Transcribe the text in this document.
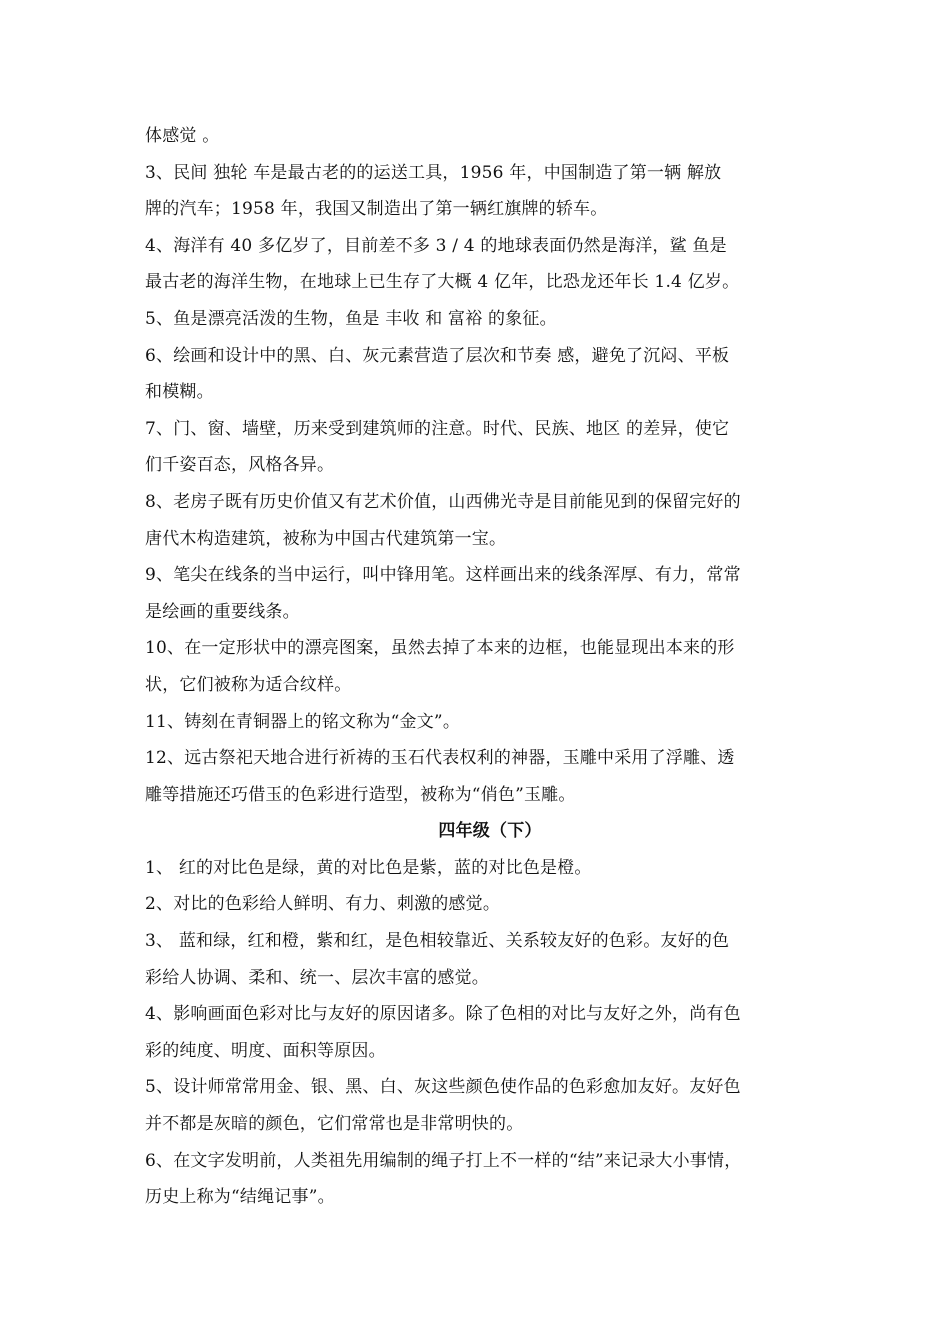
体感觉 。
3、民间 独轮 车是最古老的的运送工具，1956 年，中国制造了第一辆 解放
牌的汽车；1958 年，我国又制造出了第一辆红旗牌的轿车。
4、海洋有 40 多亿岁了，目前差不多 3 / 4 的地球表面仍然是海洋，鲨 鱼是
最古老的海洋生物，在地球上已生存了大概 4 亿年，比恐龙还年长 1.4 亿岁。
5、鱼是漂亮活泼的生物，鱼是 丰收 和 富裕 的象征。
6、绘画和设计中的黑、白、灰元素营造了层次和节奏 感，避免了沉闷、平板
和模糊。
7、门、窗、墙壁，历来受到建筑师的注意。时代、民族、地区 的差异，使它
们千姿百态，风格各异。
8、老房子既有历史价值又有艺术价值，山西佛光寺是目前能见到的保留完好的
唐代木构造建筑，被称为中国古代建筑第一宝。
9、笔尖在线条的当中运行，叫中锋用笔。这样画出来的线条浑厚、有力，常常
是绘画的重要线条。
10、在一定形状中的漂亮图案，虽然去掉了本来的边框，也能显现出本来的形
状，它们被称为适合纹样。
11、铸刻在青铜器上的铭文称为“金文”。
12、远古祭祀天地合进行祈祷的玉石代表权利的神器，玉雕中采用了浮雕、透
雕等措施还巧借玉的色彩进行造型，被称为“俏色”玉雕。
四年级（下）
1、 红的对比色是绿，黄的对比色是紫，蓝的对比色是橙。
2、对比的色彩给人鲜明、有力、刺激的感觉。
3、 蓝和绿，红和橙，紫和红，是色相较靠近、关系较友好的色彩。友好的色
彩给人协调、柔和、统一、层次丰富的感觉。
4、影响画面色彩对比与友好的原因诸多。除了色相的对比与友好之外，尚有色
彩的纯度、明度、面积等原因。
5、设计师常常用金、银、黑、白、灰这些颜色使作品的色彩愈加友好。友好色
并不都是灰暗的颜色，它们常常也是非常明快的。
6、在文字发明前，人类祖先用编制的绳子打上不一样的“结”来记录大小事情，
历史上称为“结绳记事”。
